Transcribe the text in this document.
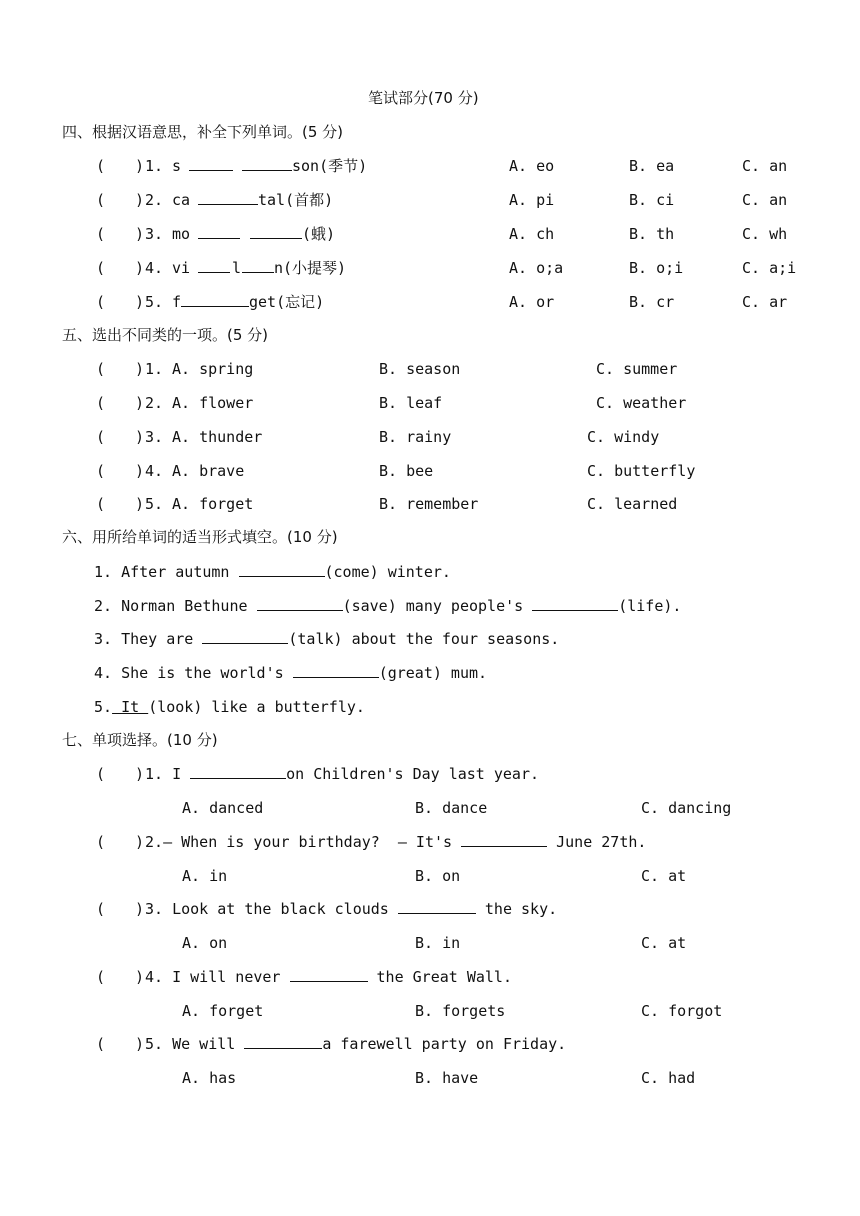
笔试部分(70 分)
四、根据汉语意思，补全下列单词。(5 分)
( ) 1. s	son(季节)	A. eo	B. ea	C. an
( ) 2. ca	tal(首都)	A. pi	B. ci	C. an
( ) 3. mo	(蛾)	A. ch	B. th	C. wh
( ) 4. vi	l n(小提琴)	A. o;a	B. o;i	C. a;i
( ) 5. f	get(忘记)	A. or	B. cr	C. ar
五、选出不同类的一项。(5 分)
( ) 1. A. spring	B. season	C. summer
( ) 2. A. flower	B. leaf	C. weather
( ) 3. A. thunder	B. rainy	C. windy
( ) 4. A. brave	B. bee	C. butterfly
( ) 5. A. forget	B. remember	C. learned
六、用所给单词的适当形式填空。(10 分)
1. After autumn	(come) winter.
2. Norman Bethune	(save) many people's	(life).
3. They are	(talk) about the four seasons.
4. She is the world's	(great) mum.
5. It (look) like a butterfly.
七、单项选择。(10 分)
( ) 1. I	on Children's Day last year.
A. danced	B. dance	C. dancing
( ) 2.— When is your birthday?  — It's	June 27th.
A. in	B. on	C. at
( ) 3. Look at the black clouds	the sky.
A. on	B. in	C. at
( ) 4. I will never	the Great Wall.
A. forget	B. forgets	C. forgot
( ) 5. We will	a farewell party on Friday.
A. has	B. have	C. had
